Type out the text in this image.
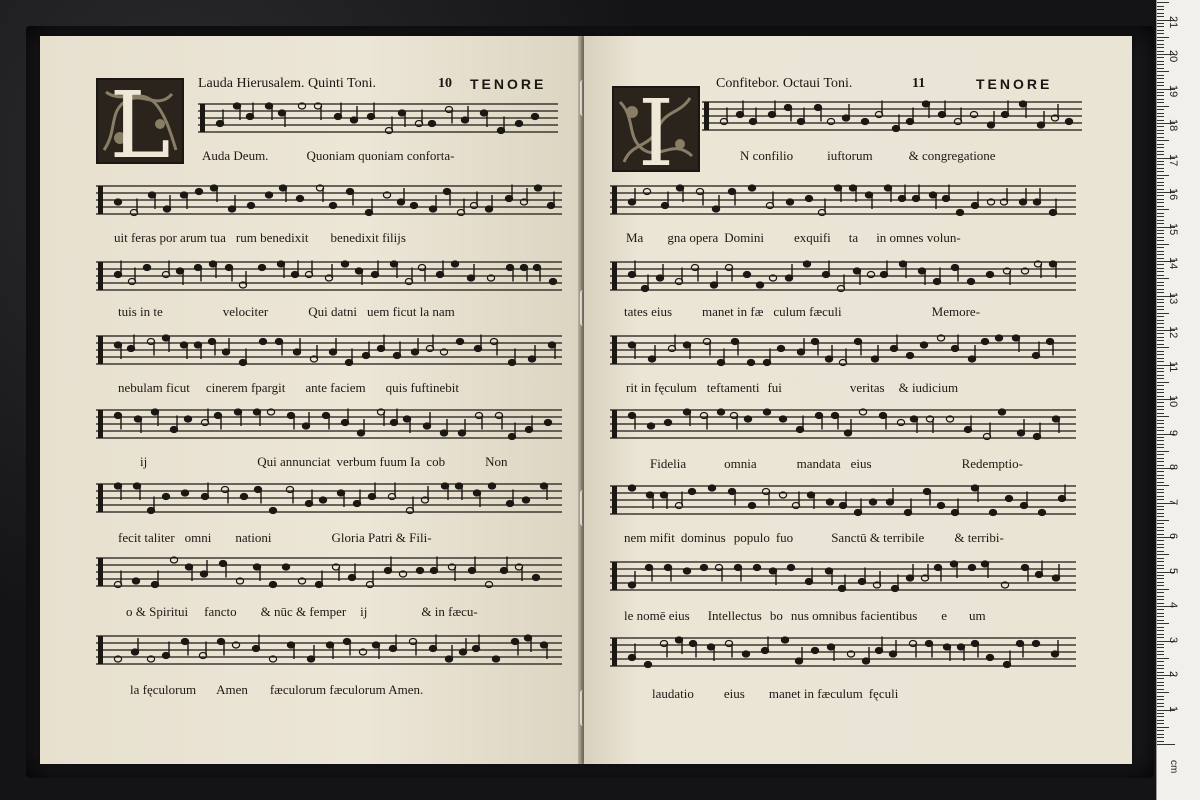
L	Lauda Hierusalem. Quinti Toni.	10 TENORE
Auda Deum.	Quoniam quoniam conforta-
uit feras por arum tua rum benedixit benedixit filijs
tuis in te	velociter	Qui datni uem ficut la nam
nebulam ficut cinerem fpargit ante faciem quis fuftinebit
ij	Qui annunciat verbum fuum Ia cob	Non
fecit taliter omni nationi	Gloria Patri & Fili-
o & Spiritui fancto & nūc & femper ij	& in fæcu-
la fęculorum Amen fæculorum fæculorum Amen.
I	Confitebor. Octaui Toni.	11	TENORE
N confilio	iuftorum	& congregatione
Ma gna opera Domini exquifi ta in omnes volun-
tates eius manet in fæ culum fæculi	Memore-
rit in fęculum teftamenti fui	veritas & iudicium
Fidelia	omnia	mandata eius	Redemptio-
nem mifit dominus populo fuo	Sanctū & terribile & terribi-
le nomē eius Intellectus bo nus omnibus facientibus e um
laudatio eius manet in fæculum fęculi
cm
1
2
3
4
5
6
7
8
9
10
11
12
13
14
15
16
17
18
19
20
21
